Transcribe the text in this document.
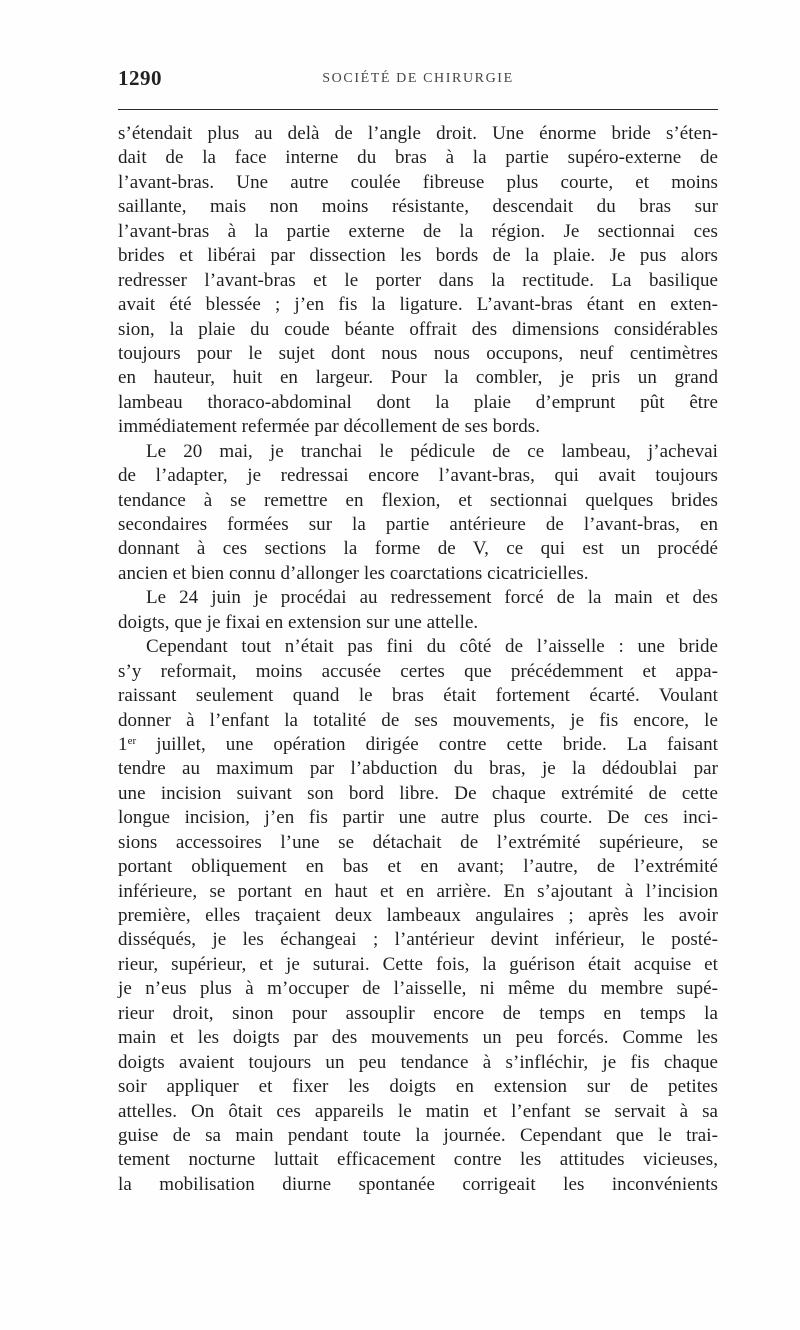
1290	SOCIÉTÉ DE CHIRURGIE
s’étendait plus au delà de l’angle droit. Une énorme bride s’éten-
dait de la face interne du bras à la partie supéro-externe de
l’avant-bras. Une autre coulée fibreuse plus courte, et moins
saillante, mais non moins résistante, descendait du bras sur
l’avant-bras à la partie externe de la région. Je sectionnai ces
brides et libérai par dissection les bords de la plaie. Je pus alors
redresser l’avant-bras et le porter dans la rectitude. La basilique
avait été blessée ; j’en fis la ligature. L’avant-bras étant en exten-
sion, la plaie du coude béante offrait des dimensions considérables
toujours pour le sujet dont nous nous occupons, neuf centimètres
en hauteur, huit en largeur. Pour la combler, je pris un grand
lambeau thoraco-abdominal dont la plaie d’emprunt pût être
immédiatement refermée par décollement de ses bords.
Le 20 mai, je tranchai le pédicule de ce lambeau, j’achevai
de l’adapter, je redressai encore l’avant-bras, qui avait toujours
tendance à se remettre en flexion, et sectionnai quelques brides
secondaires formées sur la partie antérieure de l’avant-bras, en
donnant à ces sections la forme de V, ce qui est un procédé
ancien et bien connu d’allonger les coarctations cicatricielles.
Le 24 juin je procédai au redressement forcé de la main et des
doigts, que je fixai en extension sur une attelle.
Cependant tout n’était pas fini du côté de l’aisselle : une bride
s’y reformait, moins accusée certes que précédemment et appa-
raissant seulement quand le bras était fortement écarté. Voulant
donner à l’enfant la totalité de ses mouvements, je fis encore, le
1er juillet, une opération dirigée contre cette bride. La faisant
tendre au maximum par l’abduction du bras, je la dédoublai par
une incision suivant son bord libre. De chaque extrémité de cette
longue incision, j’en fis partir une autre plus courte. De ces inci-
sions accessoires l’une se détachait de l’extrémité supérieure, se
portant obliquement en bas et en avant; l’autre, de l’extrémité
inférieure, se portant en haut et en arrière. En s’ajoutant à l’incision
première, elles traçaient deux lambeaux angulaires ; après les avoir
disséqués, je les échangeai ; l’antérieur devint inférieur, le posté-
rieur, supérieur, et je suturai. Cette fois, la guérison était acquise et
je n’eus plus à m’occuper de l’aisselle, ni même du membre supé-
rieur droit, sinon pour assouplir encore de temps en temps la
main et les doigts par des mouvements un peu forcés. Comme les
doigts avaient toujours un peu tendance à s’infléchir, je fis chaque
soir appliquer et fixer les doigts en extension sur de petites
attelles. On ôtait ces appareils le matin et l’enfant se servait à sa
guise de sa main pendant toute la journée. Cependant que le trai-
tement nocturne luttait efficacement contre les attitudes vicieuses,
la mobilisation diurne spontanée corrigeait les inconvénients
